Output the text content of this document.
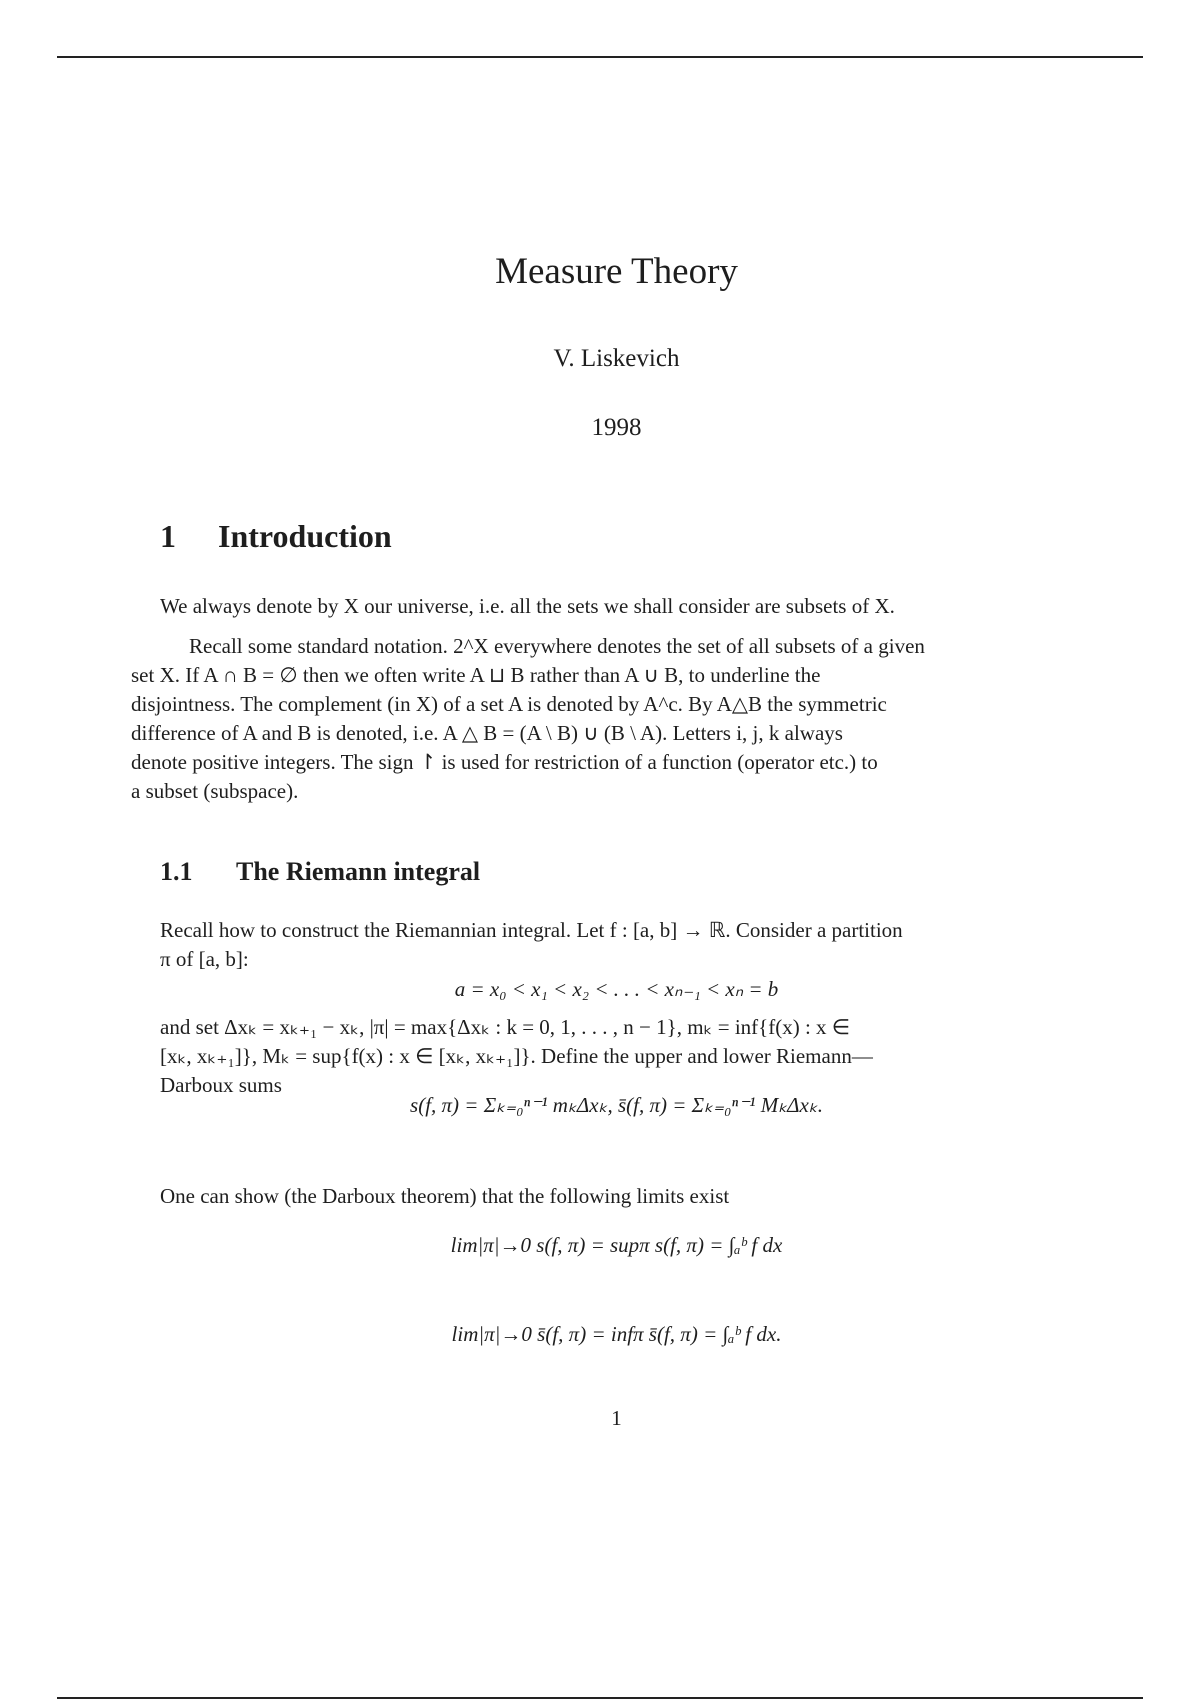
Measure Theory
V. Liskevich
1998
1 Introduction
We always denote by X our universe, i.e. all the sets we shall consider are subsets of X.
Recall some standard notation. 2^X everywhere denotes the set of all subsets of a given
set X. If A ∩ B = ∅ then we often write A ⊔ B rather than A ∪ B, to underline the
disjointness. The complement (in X) of a set A is denoted by A^c. By A△B the symmetric
difference of A and B is denoted, i.e. A △ B = (A \ B) ∪ (B \ A). Letters i, j, k always
denote positive integers. The sign ↾ is used for restriction of a function (operator etc.) to
a subset (subspace).
1.1 The Riemann integral
Recall how to construct the Riemannian integral. Let f : [a, b] → ℝ. Consider a partition
π of [a, b]:
a = x₀ < x₁ < x₂ < . . . < xₙ₋₁ < xₙ = b
and set Δxₖ = xₖ₊₁ − xₖ, |π| = max{Δxₖ : k = 0, 1, . . . , n − 1}, mₖ = inf{f(x) : x ∈
[xₖ, xₖ₊₁]}, Mₖ = sup{f(x) : x ∈ [xₖ, xₖ₊₁]}. Define the upper and lower Riemann—
Darboux sums
s(f, π) = Σₖ₌₀ⁿ⁻¹ mₖΔxₖ, s̄(f, π) = Σₖ₌₀ⁿ⁻¹ MₖΔxₖ.
One can show (the Darboux theorem) that the following limits exist
lim|π|→0 s(f, π) = supπ s(f, π) = ∫ₐᵇ f dx
lim|π|→0 s̄(f, π) = infπ s̄(f, π) = ∫ₐᵇ f dx.
1
